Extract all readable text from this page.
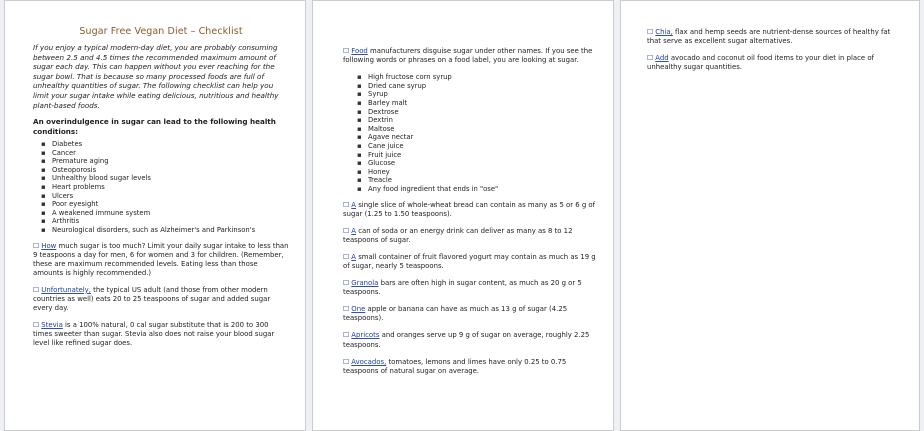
Sugar Free Vegan Diet – Checklist

If you enjoy a typical modern-day diet, you are probably consuming between 2.5 and 4.5 times the recommended maximum amount of sugar each day. This can happen without you ever reaching for the sugar bowl. That is because so many processed foods are full of unhealthy quantities of sugar. The following checklist can help you limit your sugar intake while eating delicious, nutritious and healthy plant-based foods.

An overindulgence in sugar can lead to the following health conditions:

▪ Diabetes
▪ Cancer
▪ Premature aging
▪ Osteoporosis
▪ Unhealthy blood sugar levels
▪ Heart problems
▪ Ulcers
▪ Poor eyesight
▪ A weakened immune system
▪ Arthritis
▪ Neurological disorders, such as Alzheimer's and Parkinson's

☐ How much sugar is too much? Limit your daily sugar intake to less than 9 teaspoons a day for men, 6 for women and 3 for children. (Remember, these are maximum recommended levels. Eating less than those amounts is highly recommended.)

☐ Unfortunately, the typical US adult (and those from other modern countries as well) eats 20 to 25 teaspoons of sugar and added sugar every day.

☐ Stevia is a 100% natural, 0 cal sugar substitute that is 200 to 300 times sweeter than sugar. Stevia also does not raise your blood sugar level like refined sugar does.

☐ Food manufacturers disguise sugar under other names. If you see the following words or phrases on a food label, you are looking at sugar.

▪ High fructose corn syrup
▪ Dried cane syrup
▪ Syrup
▪ Barley malt
▪ Dextrose
▪ Dextrin
▪ Maltose
▪ Agave nectar
▪ Cane juice
▪ Fruit juice
▪ Glucose
▪ Honey
▪ Treacle
▪ Any food ingredient that ends in "ose"

☐ A single slice of whole-wheat bread can contain as many as 5 or 6 g of sugar (1.25 to 1.50 teaspoons).

☐ A can of soda or an energy drink can deliver as many as 8 to 12 teaspoons of sugar.

☐ A small container of fruit flavored yogurt may contain as much as 19 g of sugar, nearly 5 teaspoons.

☐ Granola bars are often high in sugar content, as much as 20 g or 5 teaspoons.

☐ One apple or banana can have as much as 13 g of sugar (4.25 teaspoons).

☐ Apricots and oranges serve up 9 g of sugar on average, roughly 2.25 teaspoons.

☐ Avocados, tomatoes, lemons and limes have only 0.25 to 0.75 teaspoons of natural sugar on average.

☐ Chia, flax and hemp seeds are nutrient-dense sources of healthy fat that serve as excellent sugar alternatives.

☐ Add avocado and coconut oil food items to your diet in place of unhealthy sugar quantities.
